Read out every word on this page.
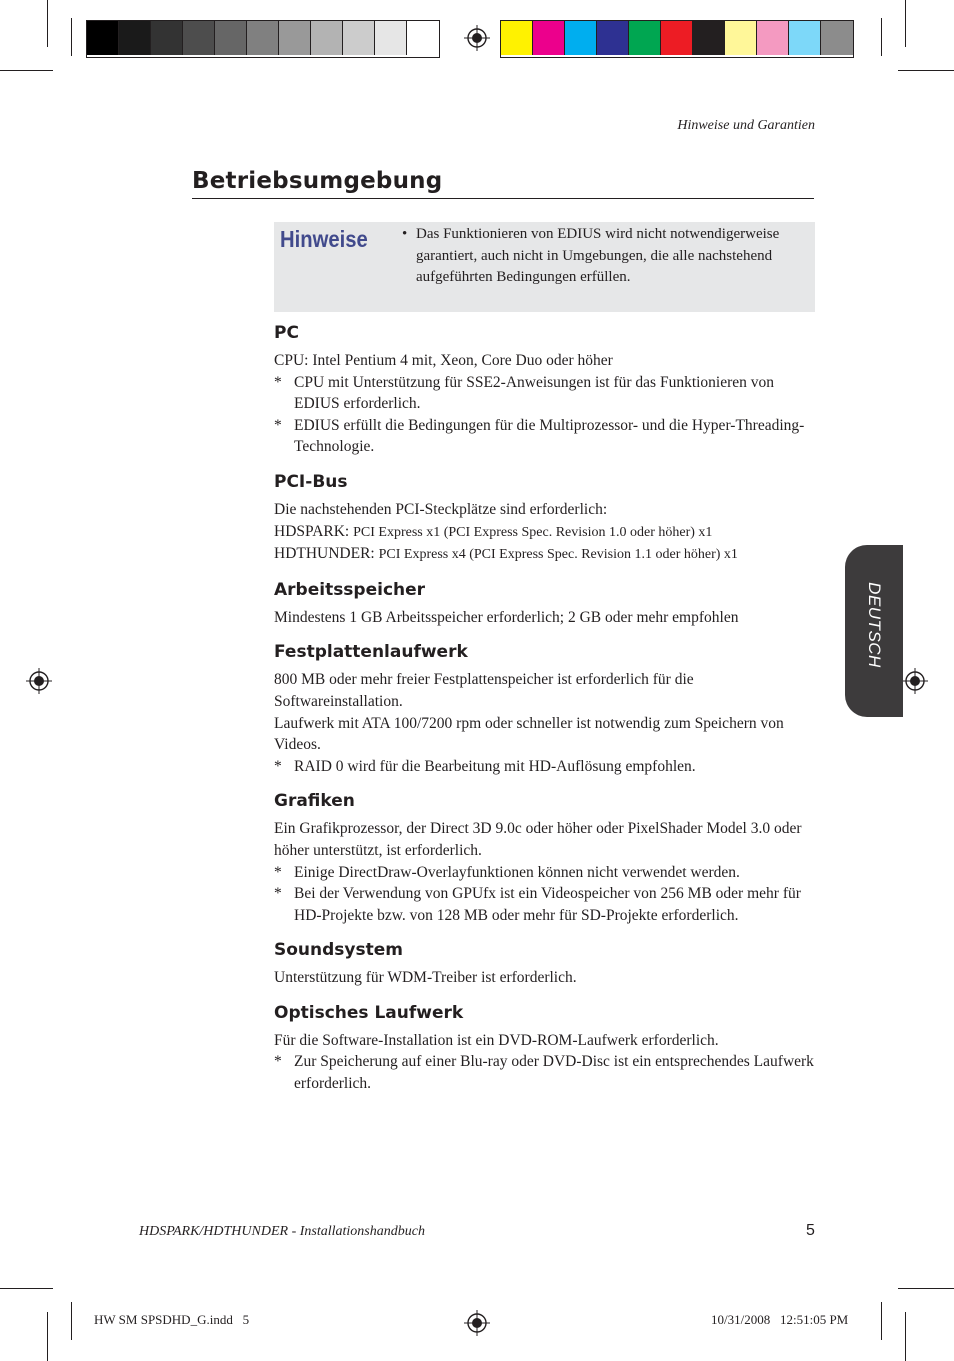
Hinweise und Garantien
Betriebsumgebung
DEUTSCH
Hinweise • Das Funktionieren von EDIUS wird nicht notwendigerweise garantiert, auch nicht in Umgebungen, die alle nachstehend aufgeführten Bedingungen erfüllen.
PC

CPU: Intel Pentium 4 mit, Xeon, Core Duo oder höher

* CPU mit Unterstützung für SSE2-Anweisungen ist für das Funktionieren von EDIUS erforderlich.
* EDIUS erfüllt die Bedingungen für die Multiprozessor- und die Hyper-Threading-Technologie.
PCI-Bus

Die nachstehenden PCI-Steckplätze sind erforderlich:

HDSPARK: PCI Express x1 (PCI Express Spec. Revision 1.0 oder höher) x1

HDTHUNDER: PCI Express x4 (PCI Express Spec. Revision 1.1 oder höher) x1

Arbeitsspeicher

Mindestens 1 GB Arbeitsspeicher erforderlich; 2 GB oder mehr empfohlen

Festplattenlaufwerk

800 MB oder mehr freier Festplattenspeicher ist erforderlich für die Softwareinstallation.

Laufwerk mit ATA 100/7200 rpm oder schneller ist notwendig zum Speichern von Videos.

* RAID 0 wird für die Bearbeitung mit HD-Auflösung empfohlen.
Grafiken

Ein Grafikprozessor, der Direct 3D 9.0c oder höher oder PixelShader Model 3.0 oder höher unterstützt, ist erforderlich.

* Einige DirectDraw-Overlayfunktionen können nicht verwendet werden.
* Bei der Verwendung von GPUfx ist ein Videospeicher von 256 MB oder mehr für HD-Projekte bzw. von 128 MB oder mehr für SD-Projekte erforderlich.
Soundsystem

Unterstützung für WDM-Treiber ist erforderlich.

Optisches Laufwerk

Für die Software-Installation ist ein DVD-ROM-Laufwerk erforderlich.

* Zur Speicherung auf einer Blu-ray oder DVD-Disc ist ein entsprechendes Laufwerk erforderlich.
HDSPARK/HDTHUNDER - Installationshandbuch	5
HW SM SPSDHD_G.indd   5	10/31/2008   12:51:05 PM
